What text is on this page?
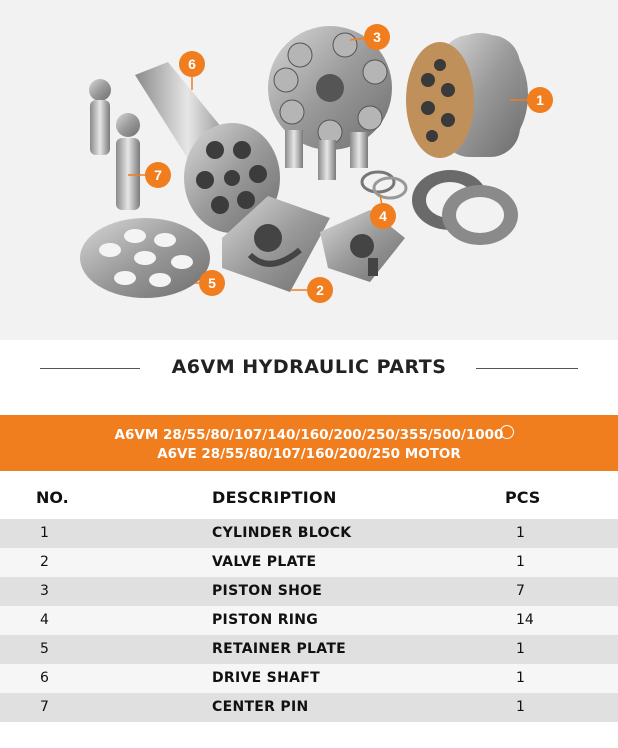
1
2
3
4
5
6
7
A6VM HYDRAULIC PARTS
A6VM 28/55/80/107/140/160/200/250/355/500/1000
A6VE 28/55/80/107/160/200/250 MOTOR
NO.	DESCRIPTION	PCS
1	CYLINDER BLOCK	1
2	VALVE PLATE	1
3	PISTON SHOE	7
4	PISTON RING	14
5	RETAINER PLATE	1
6	DRIVE SHAFT	1
7	CENTER PIN	1
